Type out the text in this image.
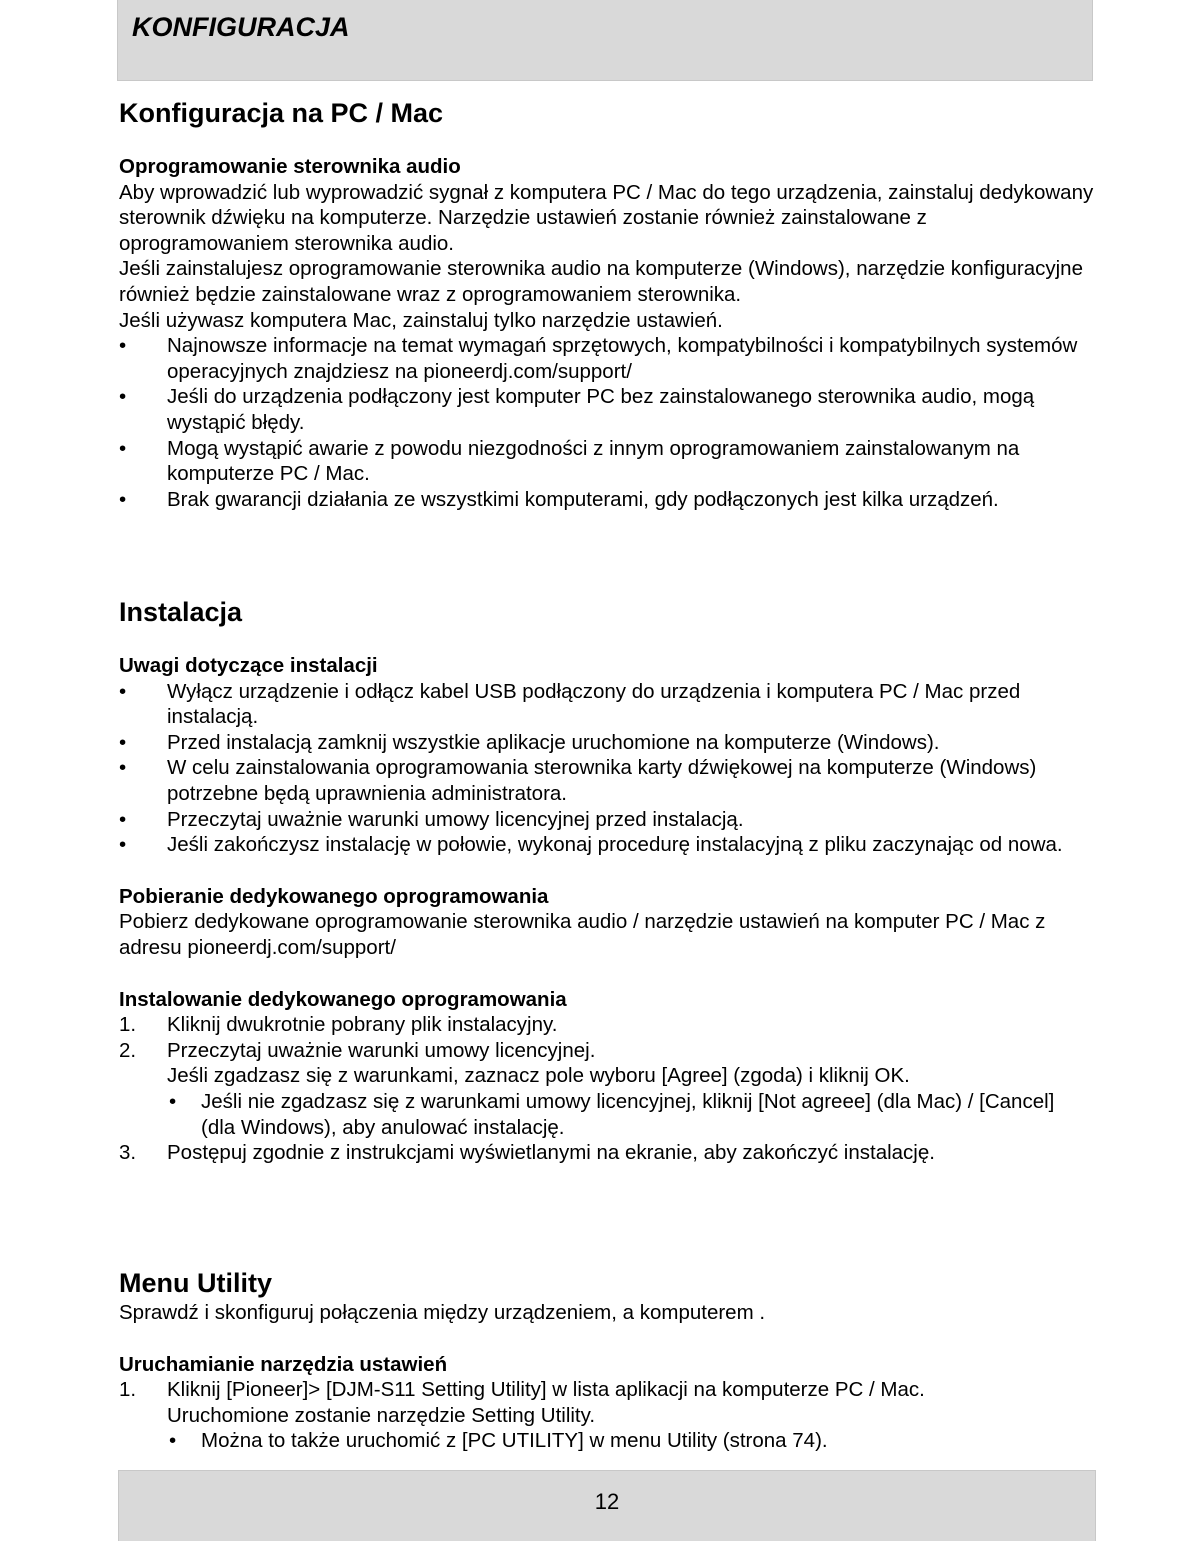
KONFIGURACJA
Konfiguracja na PC / Mac
Oprogramowanie sterownika audio

Aby wprowadzić lub wyprowadzić sygnał z komputera PC / Mac do tego urządzenia, zainstaluj dedykowany sterownik dźwięku na komputerze. Narzędzie ustawień zostanie również zainstalowane z oprogramowaniem sterownika audio.

Jeśli zainstalujesz oprogramowanie sterownika audio na komputerze (Windows), narzędzie konfiguracyjne również będzie zainstalowane wraz z oprogramowaniem sterownika.

Jeśli używasz komputera Mac, zainstaluj tylko narzędzie ustawień.

• Najnowsze informacje na temat wymagań sprzętowych, kompatybilności i kompatybilnych systemów operacyjnych znajdziesz na pioneerdj.com/support/
• Jeśli do urządzenia podłączony jest komputer PC bez zainstalowanego sterownika audio, mogą wystąpić błędy.
• Mogą wystąpić awarie z powodu niezgodności z innym oprogramowaniem zainstalowanym na komputerze PC / Mac.
• Brak gwarancji działania ze wszystkimi komputerami, gdy podłączonych jest kilka urządzeń.
Instalacja
Uwagi dotyczące instalacji
• Wyłącz urządzenie i odłącz kabel USB podłączony do urządzenia i komputera PC / Mac przed instalacją.
• Przed instalacją zamknij wszystkie aplikacje uruchomione na komputerze (Windows).
• W celu zainstalowania oprogramowania sterownika karty dźwiękowej na komputerze (Windows) potrzebne będą uprawnienia administratora.
• Przeczytaj uważnie warunki umowy licencyjnej przed instalacją.
• Jeśli zakończysz instalację w połowie, wykonaj procedurę instalacyjną z pliku zaczynając od nowa.
Pobieranie dedykowanego oprogramowania

Pobierz dedykowane oprogramowanie sterownika audio / narzędzie ustawień na komputer PC / Mac z adresu pioneerdj.com/support/

Instalowanie dedykowanego oprogramowania
1. Kliknij dwukrotnie pobrany plik instalacyjny.
2. Przeczytaj uważnie warunki umowy licencyjnej.
Jeśli zgadzasz się z warunkami, zaznacz pole wyboru [Agree] (zgoda) i kliknij OK.
• Jeśli nie zgadzasz się z warunkami umowy licencyjnej, kliknij [Not agreee] (dla Mac) / [Cancel] (dla Windows), aby anulować instalację.
3. Postępuj zgodnie z instrukcjami wyświetlanymi na ekranie, aby zakończyć instalację.
Menu Utility

Sprawdź i skonfiguruj połączenia między urządzeniem, a komputerem .

Uruchamianie narzędzia ustawień
1. Kliknij [Pioneer]> [DJM-S11 Setting Utility] w lista aplikacji na komputerze PC / Mac.
Uruchomione zostanie narzędzie Setting Utility.
• Można to także uruchomić z [PC UTILITY] w menu Utility (strona 74).
12
